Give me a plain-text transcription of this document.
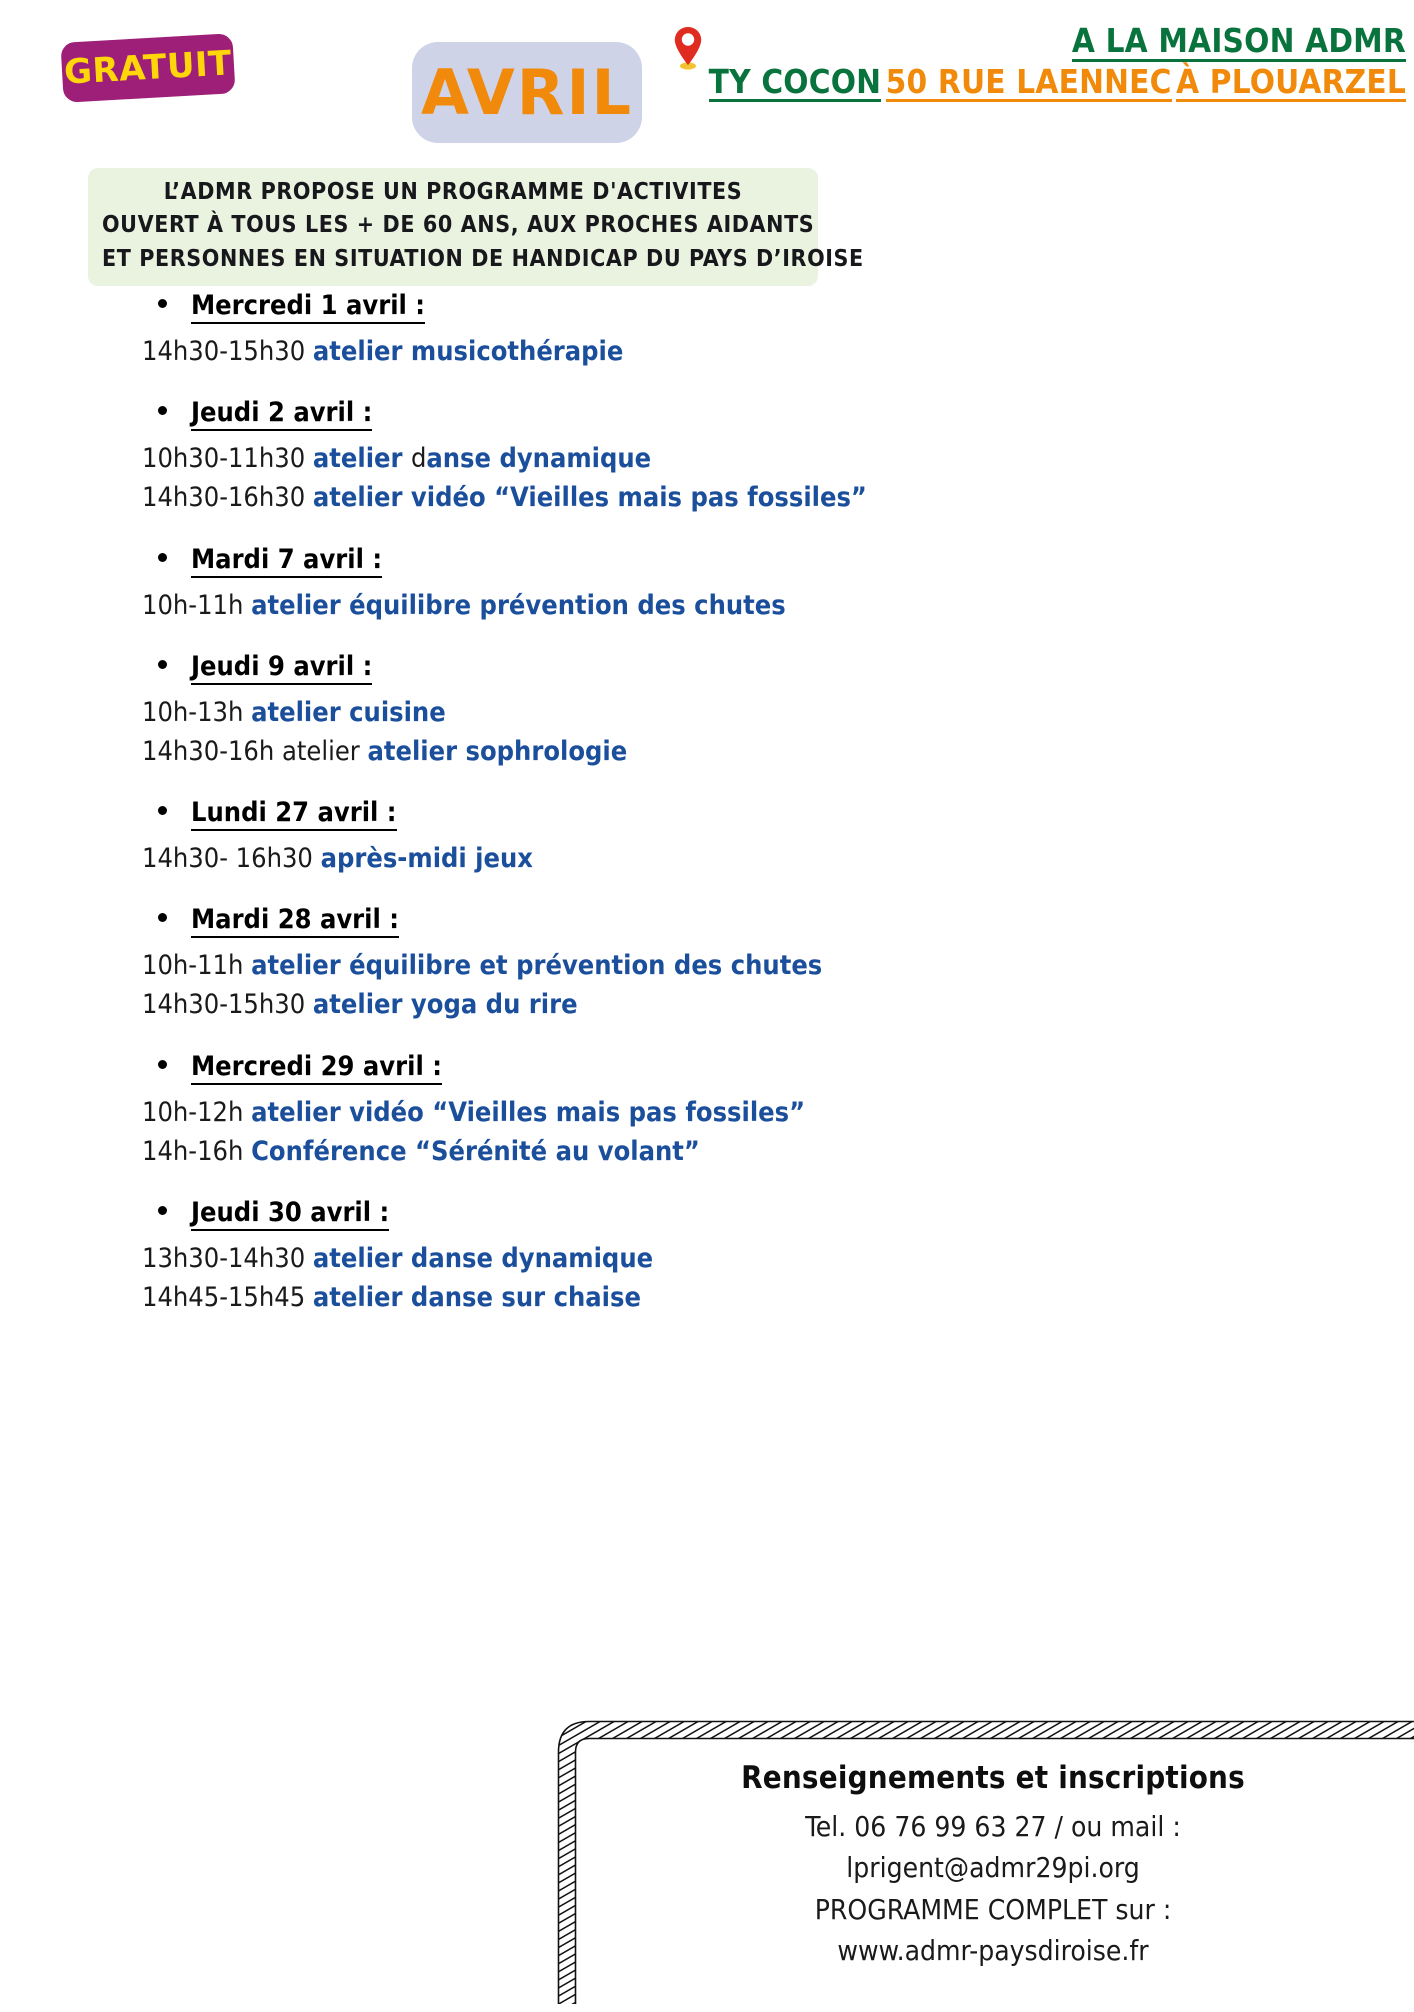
GRATUIT	AVRIL
A LA MAISON ADMR
TY COCON 50 RUE LAENNEC À PLOUARZEL
L’ADMR PROPOSE UN PROGRAMME D'ACTIVITES
OUVERT À TOUS LES + DE 60 ANS, AUX PROCHES AIDANTS
ET PERSONNES EN SITUATION DE HANDICAP DU PAYS D’IROISE
Mercredi 1 avril :
14h30-15h30 atelier musicothérapie
Jeudi 2 avril :
10h30-11h30 atelier danse dynamique
14h30-16h30 atelier vidéo “Vieilles mais pas fossiles”
Mardi 7 avril :
10h-11h atelier équilibre prévention des chutes
Jeudi 9 avril :
10h-13h atelier cuisine
14h30-16h atelier atelier sophrologie
Lundi 27 avril :
14h30- 16h30 après-midi jeux
Mardi 28 avril :
10h-11h atelier équilibre et prévention des chutes
14h30-15h30 atelier yoga du rire
Mercredi 29 avril :
10h-12h atelier vidéo “Vieilles mais pas fossiles”
14h-16h Conférence “Sérénité au volant”
Jeudi 30 avril :
13h30-14h30 atelier danse dynamique
14h45-15h45 atelier danse sur chaise
Renseignements et inscriptions
Tel. 06 76 99 63 27 / ou mail :
lprigent@admr29pi.org
PROGRAMME COMPLET sur :
www.admr-paysdiroise.fr
